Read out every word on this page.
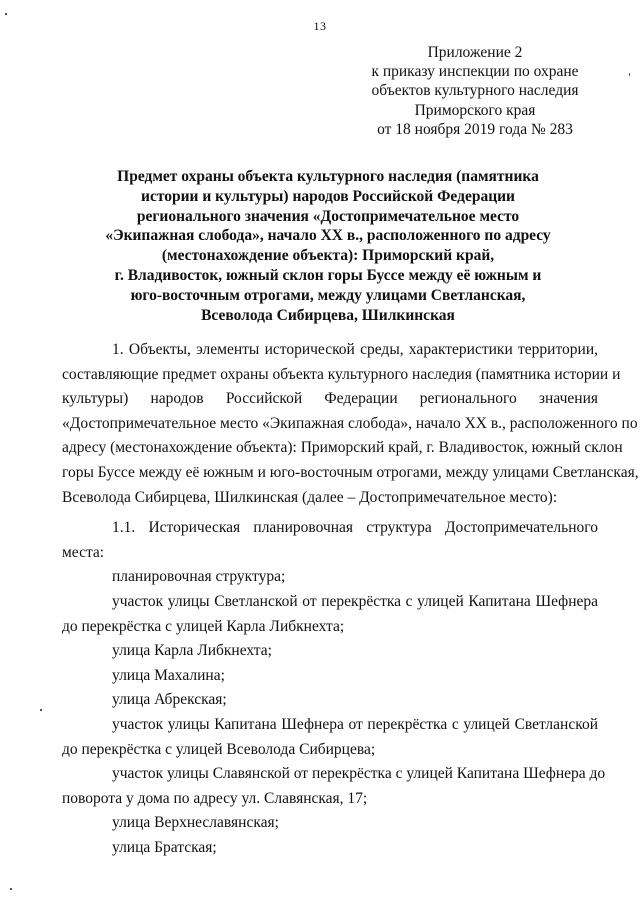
13
Приложение 2
к приказу инспекции по охране
объектов культурного наследия
Приморского края
от 18 ноября 2019 года № 283
Предмет охраны объекта культурного наследия (памятника
истории и культуры) народов Российской Федерации
регионального значения «Достопримечательное место
«Экипажная слобода», начало XX в., расположенного по адресу
(местонахождение объекта): Приморский край,
г. Владивосток, южный склон горы Буссе между её южным и
юго-восточным отрогами, между улицами Светланская,
Всеволода Сибирцева, Шилкинская
1. Объекты, элементы исторической среды, характеристики территории,
составляющие предмет охраны объекта культурного наследия (памятника истории и
культуры) народов Российской Федерации регионального значения
«Достопримечательное место «Экипажная слобода», начало XX в., расположенного по
адресу (местонахождение объекта): Приморский край, г. Владивосток, южный склон
горы Буссе между её южным и юго-восточным отрогами, между улицами Светланская,
Всеволода Сибирцева, Шилкинская (далее – Достопримечательное место):
1.1. Историческая планировочная структура Достопримечательного
места:
планировочная структура;
участок улицы Светланской от перекрёстка с улицей Капитана Шефнера
до перекрёстка с улицей Карла Либкнехта;
улица Карла Либкнехта;
улица Махалина;
улица Абрекская;
участок улицы Капитана Шефнера от перекрёстка с улицей Светланской
до перекрёстка с улицей Всеволода Сибирцева;
участок улицы Славянской от перекрёстка с улицей Капитана Шефнера до
поворота у дома по адресу ул. Славянская, 17;
улица Верхнеславянская;
улица Братская;
